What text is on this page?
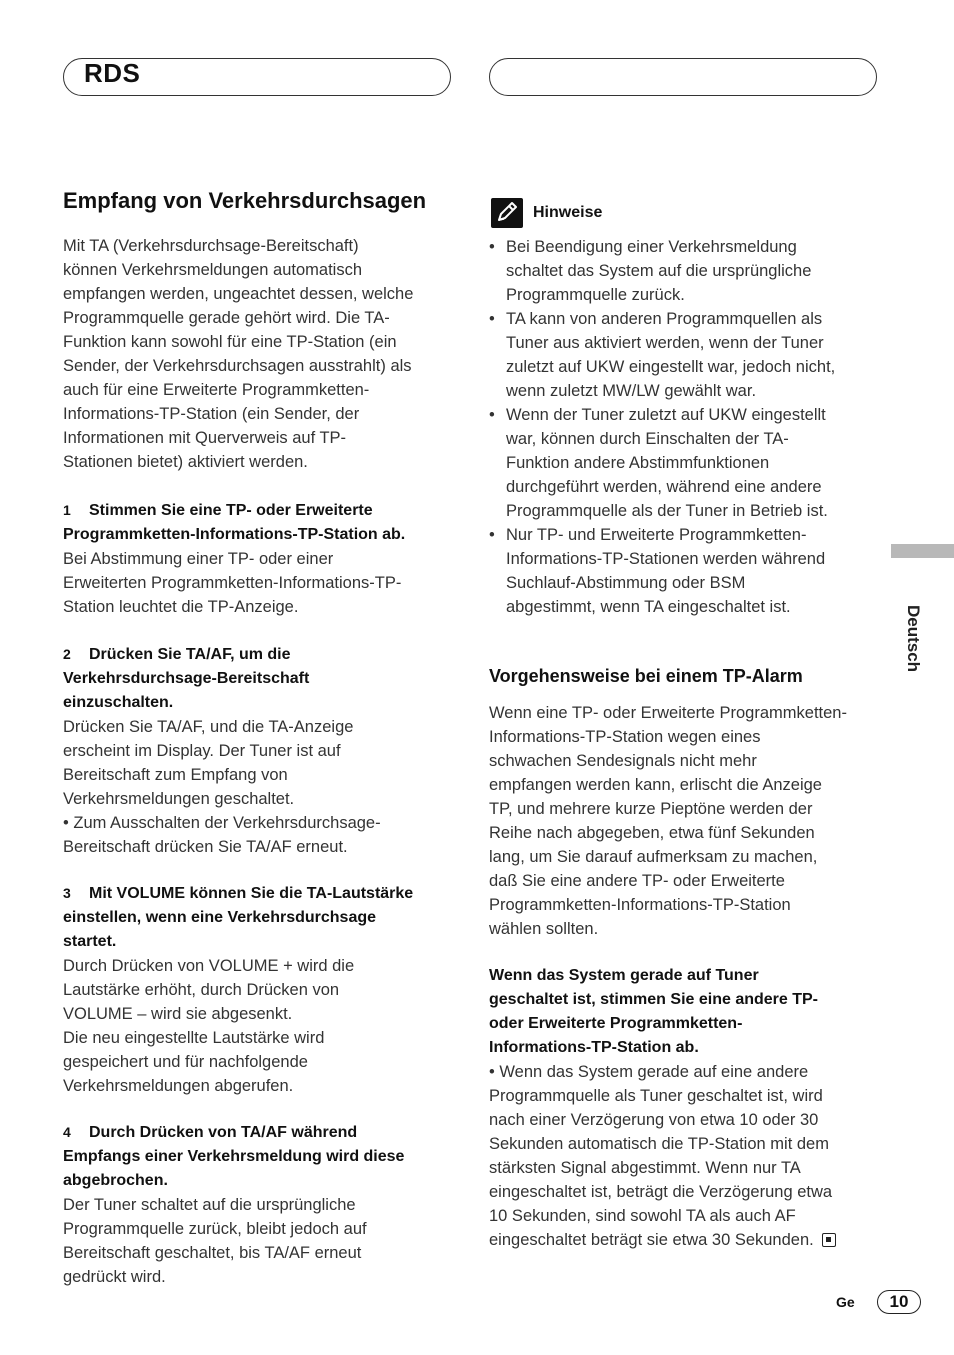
RDS
Empfang von Verkehrsdurchsagen
Mit TA (Verkehrsdurchsage-Bereitschaft)
können Verkehrsmeldungen automatisch
empfangen werden, ungeachtet dessen, welche
Programmquelle gerade gehört wird. Die TA-
Funktion kann sowohl für eine TP-Station (ein
Sender, der Verkehrsdurchsagen ausstrahlt) als
auch für eine Erweiterte Programmketten-
Informations-TP-Station (ein Sender, der
Informationen mit Querverweis auf TP-
Stationen bietet) aktiviert werden.
1 Stimmen Sie eine TP- oder Erweiterte
Programmketten-Informations-TP-Station ab.
Bei Abstimmung einer TP- oder einer
Erweiterten Programmketten-Informations-TP-
Station leuchtet die TP-Anzeige.
2 Drücken Sie TA/AF, um die
Verkehrsdurchsage-Bereitschaft
einzuschalten.
Drücken Sie TA/AF, und die TA-Anzeige
erscheint im Display. Der Tuner ist auf
Bereitschaft zum Empfang von
Verkehrsmeldungen geschaltet.
• Zum Ausschalten der Verkehrsdurchsage-
Bereitschaft drücken Sie TA/AF erneut.
3 Mit VOLUME können Sie die TA-Lautstärke
einstellen, wenn eine Verkehrsdurchsage
startet.
Durch Drücken von VOLUME + wird die
Lautstärke erhöht, durch Drücken von
VOLUME – wird sie abgesenkt.
Die neu eingestellte Lautstärke wird
gespeichert und für nachfolgende
Verkehrsmeldungen abgerufen.
4 Durch Drücken von TA/AF während
Empfangs einer Verkehrsmeldung wird diese
abgebrochen.
Der Tuner schaltet auf die ursprüngliche
Programmquelle zurück, bleibt jedoch auf
Bereitschaft geschaltet, bis TA/AF erneut
gedrückt wird.
Hinweise
• Bei Beendigung einer Verkehrsmeldung
schaltet das System auf die ursprüngliche
Programmquelle zurück.
• TA kann von anderen Programmquellen als
Tuner aus aktiviert werden, wenn der Tuner
zuletzt auf UKW eingestellt war, jedoch nicht,
wenn zuletzt MW/LW gewählt war.
• Wenn der Tuner zuletzt auf UKW eingestellt
war, können durch Einschalten der TA-
Funktion andere Abstimmfunktionen
durchgeführt werden, während eine andere
Programmquelle als der Tuner in Betrieb ist.
• Nur TP- und Erweiterte Programmketten-
Informations-TP-Stationen werden während
Suchlauf-Abstimmung oder BSM
abgestimmt, wenn TA eingeschaltet ist.
Vorgehensweise bei einem TP-Alarm
Wenn eine TP- oder Erweiterte Programmketten-
Informations-TP-Station wegen eines
schwachen Sendesignals nicht mehr
empfangen werden kann, erlischt die Anzeige
TP, und mehrere kurze Pieptöne werden der
Reihe nach abgegeben, etwa fünf Sekunden
lang, um Sie darauf aufmerksam zu machen,
daß Sie eine andere TP- oder Erweiterte
Programmketten-Informations-TP-Station
wählen sollten.
Wenn das System gerade auf Tuner
geschaltet ist, stimmen Sie eine andere TP-
oder Erweiterte Programmketten-
Informations-TP-Station ab.
• Wenn das System gerade auf eine andere
Programmquelle als Tuner geschaltet ist, wird
nach einer Verzögerung von etwa 10 oder 30
Sekunden automatisch die TP-Station mit dem
stärksten Signal abgestimmt. Wenn nur TA
eingeschaltet ist, beträgt die Verzögerung etwa
10 Sekunden, sind sowohl TA als auch AF
eingeschaltet beträgt sie etwa 30 Sekunden.
Deutsch
Ge	10
